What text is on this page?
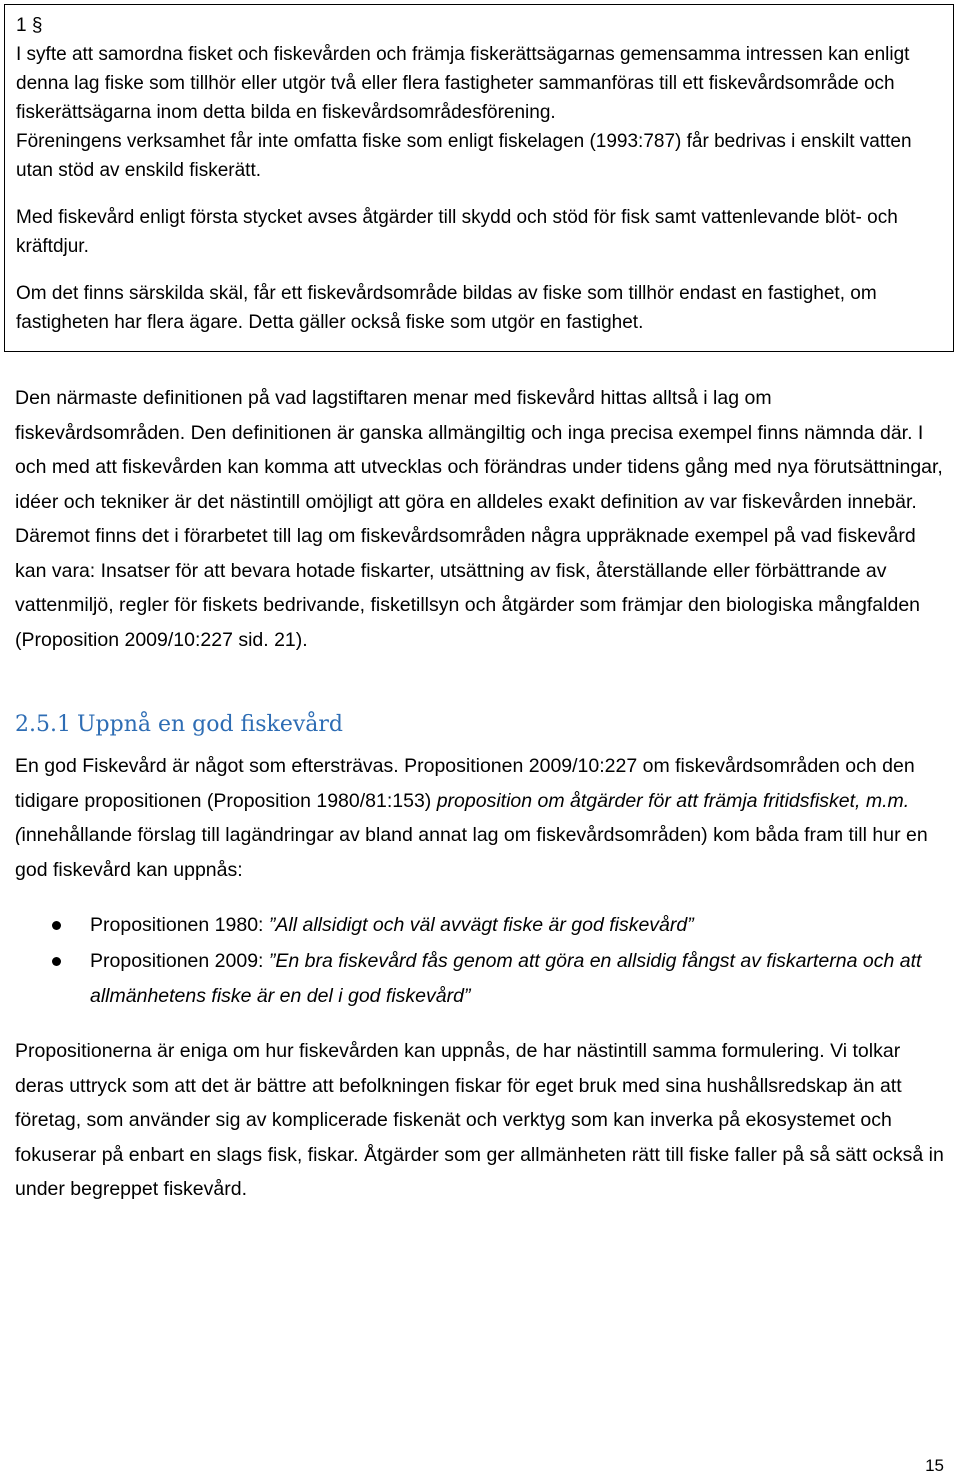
1 §

I syfte att samordna fisket och fiskevården och främja fiskerättsägarnas gemensamma intressen kan enligt denna lag fiske som tillhör eller utgör två eller flera fastigheter sammanföras till ett fiskevårdsområde och fiskerättsägarna inom detta bilda en fiskevårdsområdesförening.

Föreningens verksamhet får inte omfatta fiske som enligt fiskelagen (1993:787) får bedrivas i enskilt vatten utan stöd av enskild fiskerätt.

Med fiskevård enligt första stycket avses åtgärder till skydd och stöd för fisk samt vattenlevande blöt- och kräftdjur.

Om det finns särskilda skäl, får ett fiskevårdsområde bildas av fiske som tillhör endast en fastighet, om fastigheten har flera ägare. Detta gäller också fiske som utgör en fastighet.

Den närmaste definitionen på vad lagstiftaren menar med fiskevård hittas alltså i lag om fiskevårdsområden. Den definitionen är ganska allmängiltig och inga precisa exempel finns nämnda där. I och med att fiskevården kan komma att utvecklas och förändras under tidens gång med nya förutsättningar, idéer och tekniker är det nästintill omöjligt att göra en alldeles exakt definition av var fiskevården innebär. Däremot finns det i förarbetet till lag om fiskevårdsområden några uppräknade exempel på vad fiskevård kan vara: Insatser för att bevara hotade fiskarter, utsättning av fisk, återställande eller förbättrande av vattenmiljö, regler för fiskets bedrivande, fisketillsyn och åtgärder som främjar den biologiska mångfalden (Proposition 2009/10:227 sid. 21).

2.5.1 Uppnå en god fiskevård

En god Fiskevård är något som eftersträvas. Propositionen 2009/10:227 om fiskevårdsområden och den tidigare propositionen (Proposition 1980/81:153) proposition om åtgärder för att främja fritidsfisket, m.m. (innehållande förslag till lagändringar av bland annat lag om fiskevårdsområden) kom båda fram till hur en god fiskevård kan uppnås:

Propositionen 1980: ”All allsidigt och väl avvägt fiske är god fiskevård”
Propositionen 2009: ”En bra fiskevård fås genom att göra en allsidig fångst av fiskarterna och att allmänhetens fiske är en del i god fiskevård”

Propositionerna är eniga om hur fiskevården kan uppnås, de har nästintill samma formulering. Vi tolkar deras uttryck som att det är bättre att befolkningen fiskar för eget bruk med sina hushållsredskap än att företag, som använder sig av komplicerade fiskenät och verktyg som kan inverka på ekosystemet och fokuserar på enbart en slags fisk, fiskar. Åtgärder som ger allmänheten rätt till fiske faller på så sätt också in under begreppet fiskevård.

15
